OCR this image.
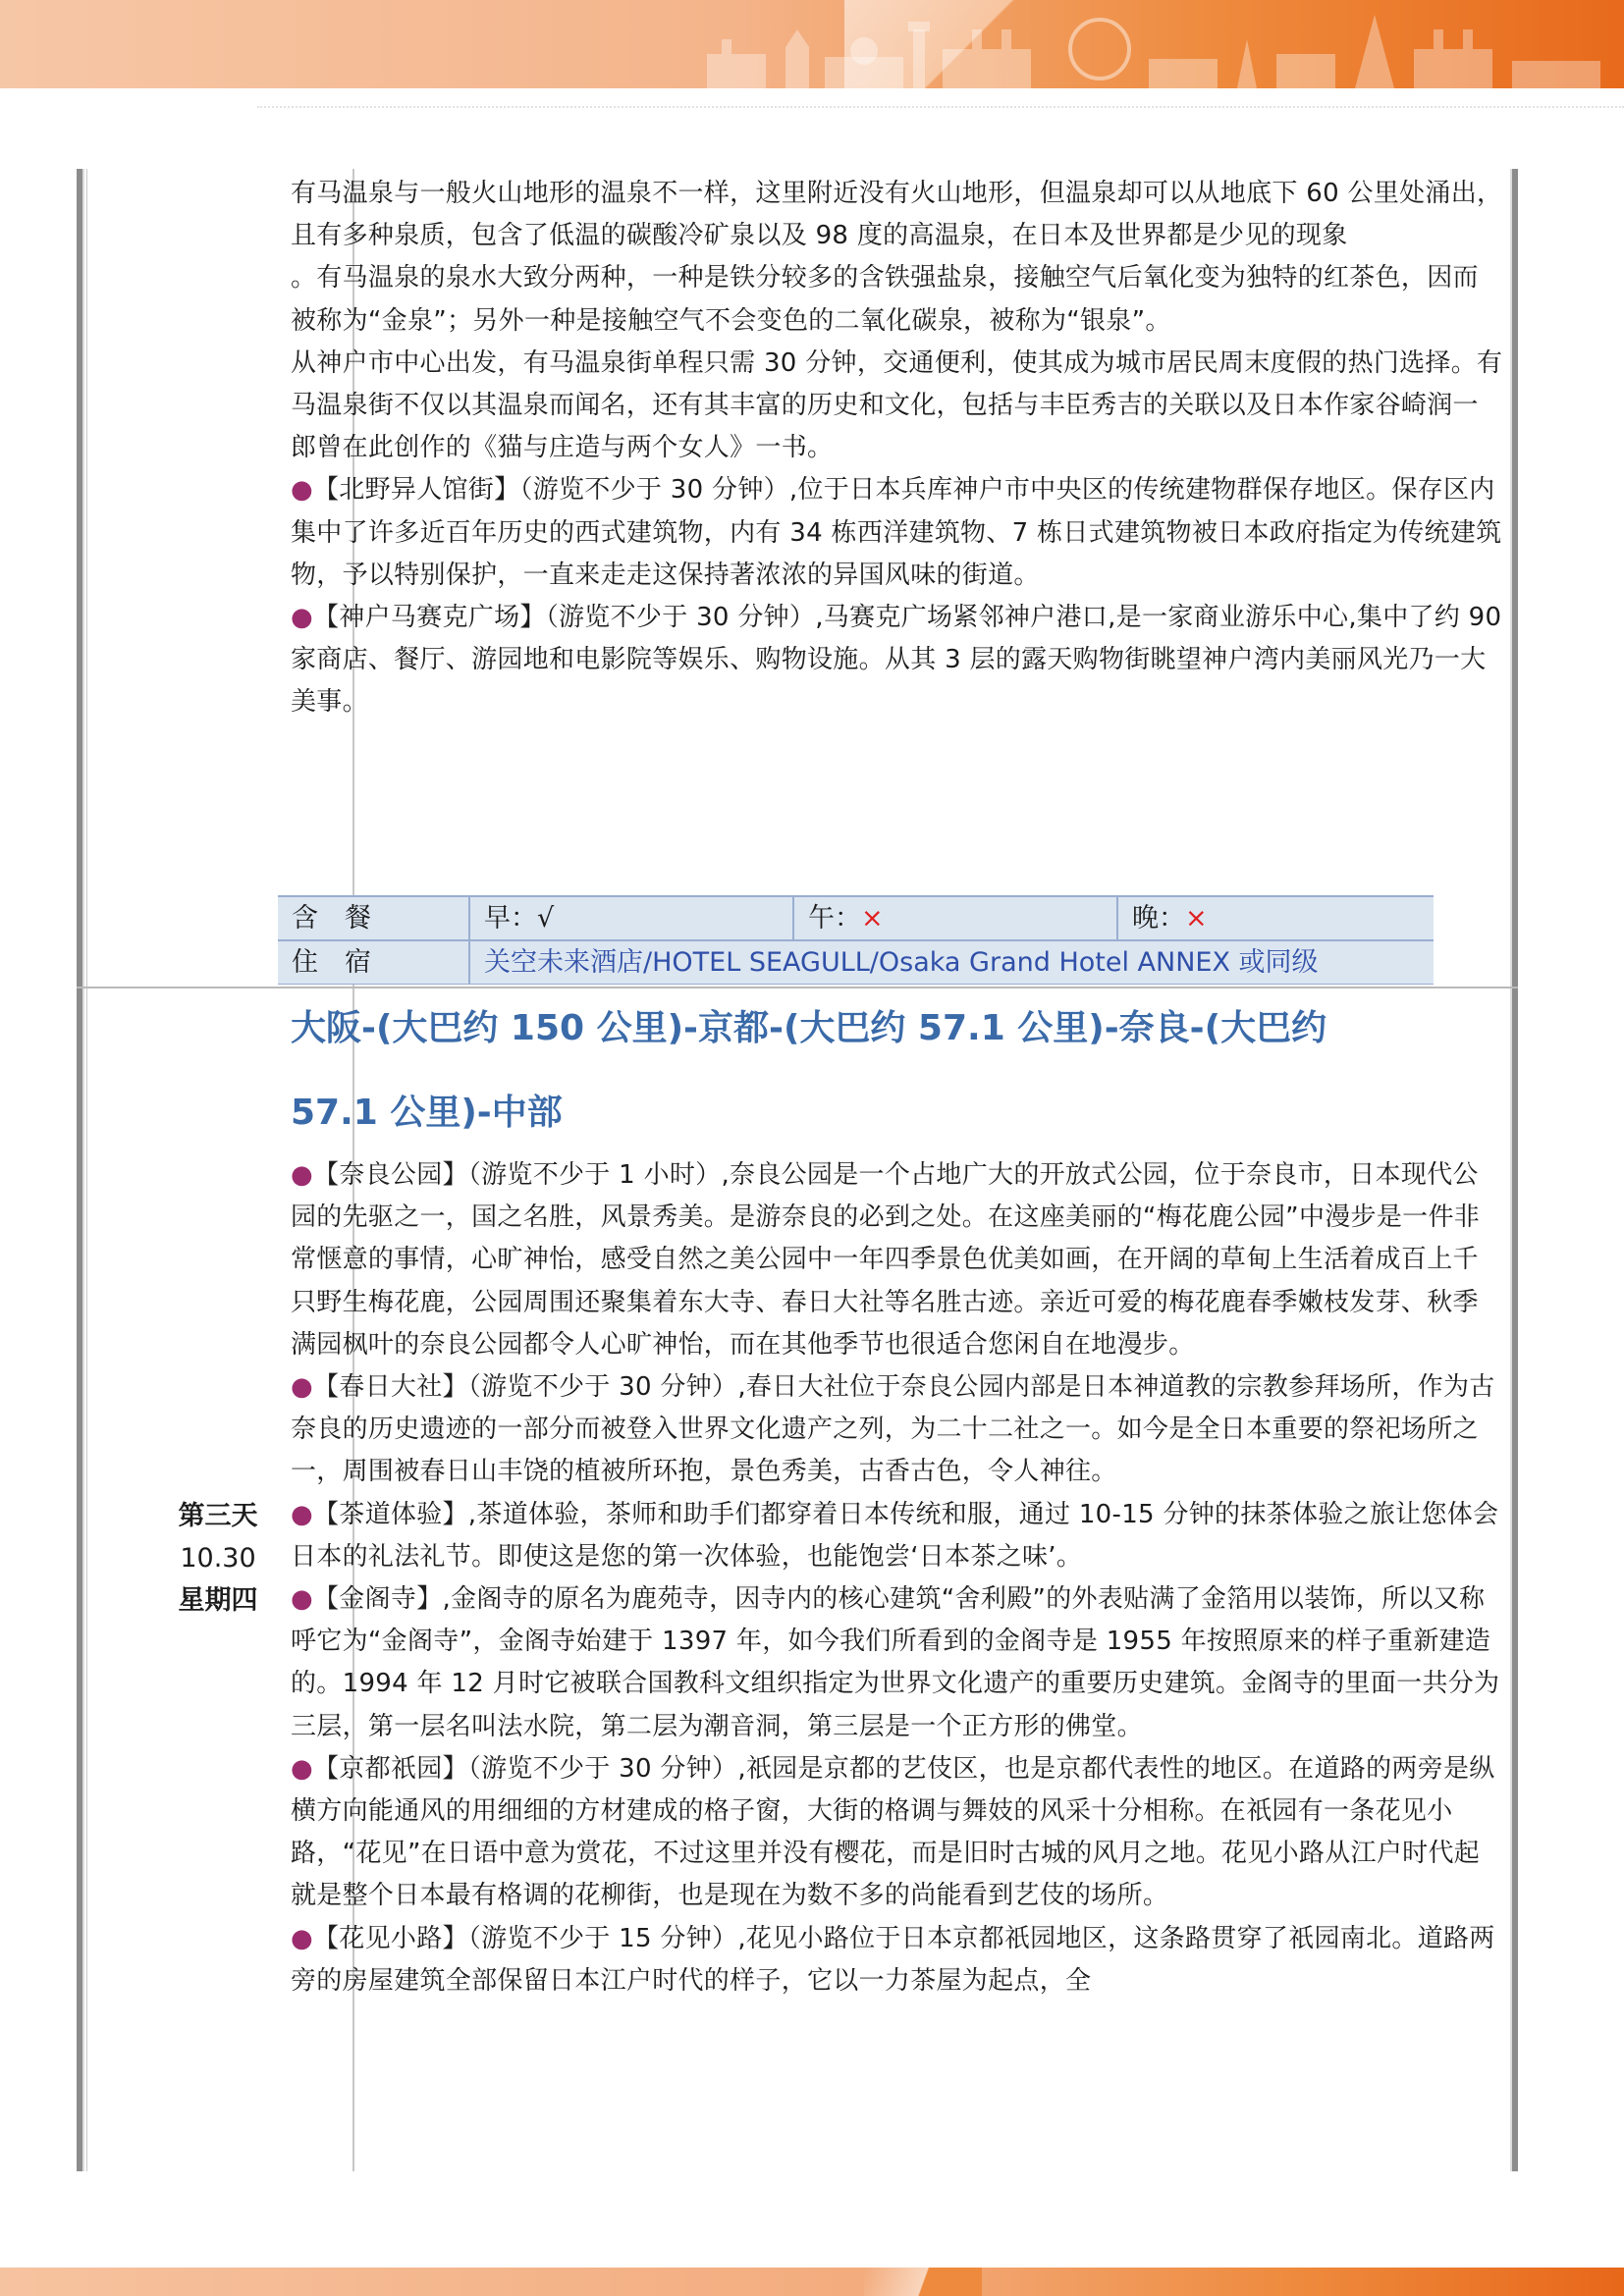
有马温泉与一般火山地形的温泉不一样，这里附近没有火山地形，但温泉却可以从地底下 60 公里处涌出，且有多种泉质，包含了低温的碳酸冷矿泉以及 98 度的高温泉，在日本及世界都是少见的现象

。有马温泉的泉水大致分两种，一种是铁分较多的含铁强盐泉，接触空气后氧化变为独特的红茶色，因而被称为“金泉”；另外一种是接触空气不会变色的二氧化碳泉，被称为“银泉”。

从神户市中心出发，有马温泉街单程只需 30 分钟，交通便利，使其成为城市居民周末度假的热门选择。有马温泉街不仅以其温泉而闻名，还有其丰富的历史和文化，包括与丰臣秀吉的关联以及日本作家谷崎润一郎曾在此创作的《猫与庄造与两个女人》一书。

●【北野异人馆街】（游览不少于 30 分钟）,位于日本兵库神户市中央区的传统建物群保存地区。保存区内集中了许多近百年历史的西式建筑物，内有 34 栋西洋建筑物、7 栋日式建筑物被日本政府指定为传统建筑物，予以特别保护，一直来走走这保持著浓浓的异国风味的街道。

●【神户马赛克广场】（游览不少于 30 分钟）,马赛克广场紧邻神户港口,是一家商业游乐中心,集中了约 90 家商店、餐厅、游园地和电影院等娱乐、购物设施。从其 3 层的露天购物街眺望神户湾内美丽风光乃一大美事。

含　餐	早：√	午：×	晚：×
住　宿	关空未来酒店/HOTEL SEAGULL/Osaka Grand Hotel ANNEX 或同级
第三天
10.30
星期四
大阪-(大巴约 150 公里)-京都-(大巴约 57.1 公里)-奈良-(大巴约
57.1 公里)-中部

●【奈良公园】（游览不少于 1 小时）,奈良公园是一个占地广大的开放式公园，位于奈良市，日本现代公园的先驱之一，国之名胜，风景秀美。是游奈良的必到之处。在这座美丽的“梅花鹿公园”中漫步是一件非常惬意的事情，心旷神怡，感受自然之美公园中一年四季景色优美如画，在开阔的草甸上生活着成百上千只野生梅花鹿，公园周围还聚集着东大寺、春日大社等名胜古迹。亲近可爱的梅花鹿春季嫩枝发芽、秋季满园枫叶的奈良公园都令人心旷神怡，而在其他季节也很适合您闲自在地漫步。

●【春日大社】（游览不少于 30 分钟）,春日大社位于奈良公园内部是日本神道教的宗教参拜场所，作为古奈良的历史遗迹的一部分而被登入世界文化遗产之列，为二十二社之一。如今是全日本重要的祭祀场所之一，周围被春日山丰饶的植被所环抱，景色秀美，古香古色，令人神往。

●【茶道体验】,茶道体验，茶师和助手们都穿着日本传统和服，通过 10-15 分钟的抹茶体验之旅让您体会日本的礼法礼节。即使这是您的第一次体验，也能饱尝‘日本茶之味’。

●【金阁寺】,金阁寺的原名为鹿苑寺，因寺内的核心建筑“舍利殿”的外表贴满了金箔用以装饰，所以又称呼它为“金阁寺”，金阁寺始建于 1397 年，如今我们所看到的金阁寺是 1955 年按照原来的样子重新建造的。1994 年 12 月时它被联合国教科文组织指定为世界文化遗产的重要历史建筑。金阁寺的里面一共分为三层，第一层名叫法水院，第二层为潮音洞，第三层是一个正方形的佛堂。

●【京都祇园】（游览不少于 30 分钟）,祇园是京都的艺伎区，也是京都代表性的地区。在道路的两旁是纵横方向能通风的用细细的方材建成的格子窗，大街的格调与舞妓的风采十分相称。在祇园有一条花见小路，“花见”在日语中意为赏花，不过这里并没有樱花，而是旧时古城的风月之地。花见小路从江户时代起就是整个日本最有格调的花柳街，也是现在为数不多的尚能看到艺伎的场所。

●【花见小路】（游览不少于 15 分钟）,花见小路位于日本京都祇园地区，这条路贯穿了祇园南北。道路两旁的房屋建筑全部保留日本江户时代的样子，它以一力茶屋为起点，全
